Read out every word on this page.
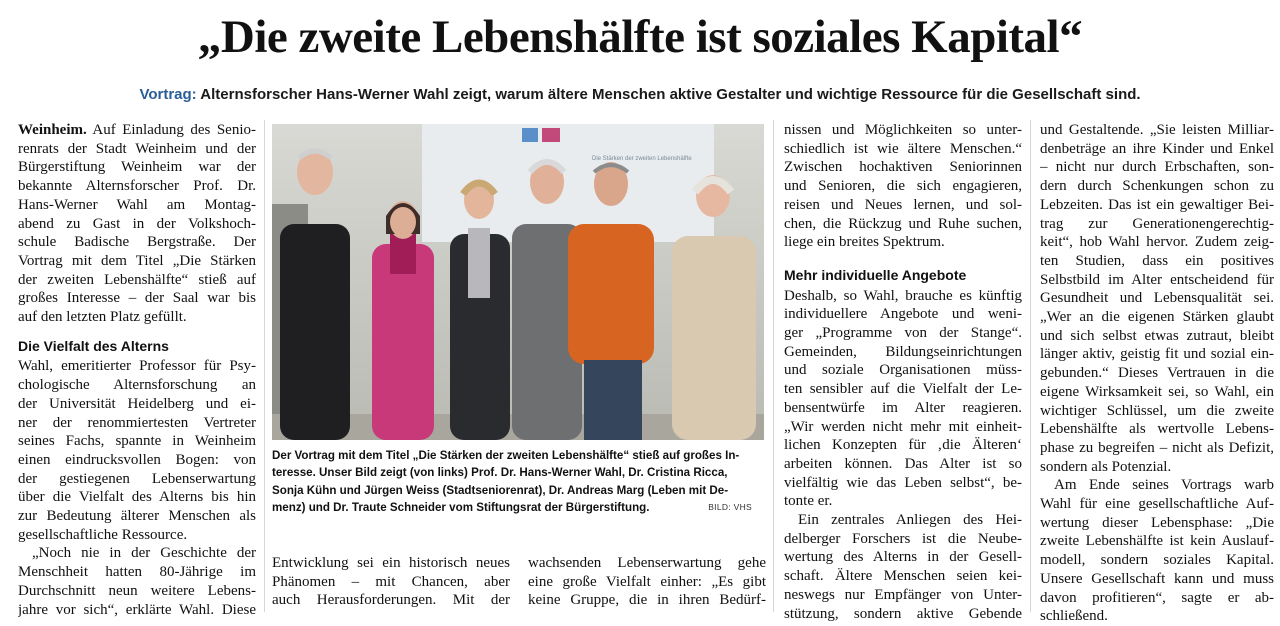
„Die zweite Lebenshälfte ist soziales Kapital“
Vortrag: Alternsforscher Hans-Werner Wahl zeigt, warum ältere Menschen aktive Gestalter und wichtige Ressource für die Gesellschaft sind.
Weinheim. Auf Einladung des Senio-
renrats der Stadt Weinheim und der
Bürgerstiftung Weinheim war der
bekannte Alternsforscher Prof. Dr.
Hans-Werner Wahl am Montag-
abend zu Gast in der Volkshoch-
schule Badische Bergstraße. Der
Vortrag mit dem Titel „Die Stärken
der zweiten Lebenshälfte“ stieß auf
großes Interesse – der Saal war bis
auf den letzten Platz gefüllt.
Die Vielfalt des Alterns
Wahl, emeritierter Professor für Psy-
chologische Alternsforschung an
der Universität Heidelberg und ei-
ner der renommiertesten Vertreter
seines Fachs, spannte in Weinheim
einen eindrucksvollen Bogen: von
der gestiegenen Lebenserwartung
über die Vielfalt des Alterns bis hin
zur Bedeutung älterer Menschen als
gesellschaftliche Ressource.
„Noch nie in der Geschichte der
Menschheit hatten 80-Jährige im
Durchschnitt neun weitere Lebens-
jahre vor sich“, erklärte Wahl. Diese
Die Stärken der zweiten Lebenshälfte
Der Vortrag mit dem Titel „Die Stärken der zweiten Lebenshälfte“ stieß auf großes In-
teresse. Unser Bild zeigt (von links) Prof. Dr. Hans-Werner Wahl, Dr. Cristina Ricca,
Sonja Kühn und Jürgen Weiss (Stadtseniorenrat), Dr. Andreas Marg (Leben mit De-
menz) und Dr. Traute Schneider vom Stiftungsrat der Bürgerstiftung.	BILD: VHS
Entwicklung sei ein historisch neues
Phänomen – mit Chancen, aber
auch Herausforderungen. Mit der
wachsenden Lebenserwartung gehe
eine große Vielfalt einher: „Es gibt
keine Gruppe, die in ihren Bedürf-
nissen und Möglichkeiten so unter-
schiedlich ist wie ältere Menschen.“
Zwischen hochaktiven Seniorinnen
und Senioren, die sich engagieren,
reisen und Neues lernen, und sol-
chen, die Rückzug und Ruhe suchen,
liege ein breites Spektrum.
Mehr individuelle Angebote
Deshalb, so Wahl, brauche es künftig
individuellere Angebote und weni-
ger „Programme von der Stange“.
Gemeinden, Bildungseinrichtungen
und soziale Organisationen müss-
ten sensibler auf die Vielfalt der Le-
bensentwürfe im Alter reagieren.
„Wir werden nicht mehr mit einheit-
lichen Konzepten für ‚die Älteren‘
arbeiten können. Das Alter ist so
vielfältig wie das Leben selbst“, be-
tonte er.
Ein zentrales Anliegen des Hei-
delberger Forschers ist die Neube-
wertung des Alterns in der Gesell-
schaft. Ältere Menschen seien kei-
neswegs nur Empfänger von Unter-
stützung, sondern aktive Gebende
und Gestaltende. „Sie leisten Milliar-
denbeträge an ihre Kinder und Enkel
– nicht nur durch Erbschaften, son-
dern durch Schenkungen schon zu
Lebzeiten. Das ist ein gewaltiger Bei-
trag zur Generationengerechtig-
keit“, hob Wahl hervor. Zudem zeig-
ten Studien, dass ein positives
Selbstbild im Alter entscheidend für
Gesundheit und Lebensqualität sei.
„Wer an die eigenen Stärken glaubt
und sich selbst etwas zutraut, bleibt
länger aktiv, geistig fit und sozial ein-
gebunden.“ Dieses Vertrauen in die
eigene Wirksamkeit sei, so Wahl, ein
wichtiger Schlüssel, um die zweite
Lebenshälfte als wertvolle Lebens-
phase zu begreifen – nicht als Defizit,
sondern als Potenzial.
Am Ende seines Vortrags warb
Wahl für eine gesellschaftliche Auf-
wertung dieser Lebensphase: „Die
zweite Lebenshälfte ist kein Auslauf-
modell, sondern soziales Kapital.
Unsere Gesellschaft kann und muss
davon profitieren“, sagte er ab-
schließend.
